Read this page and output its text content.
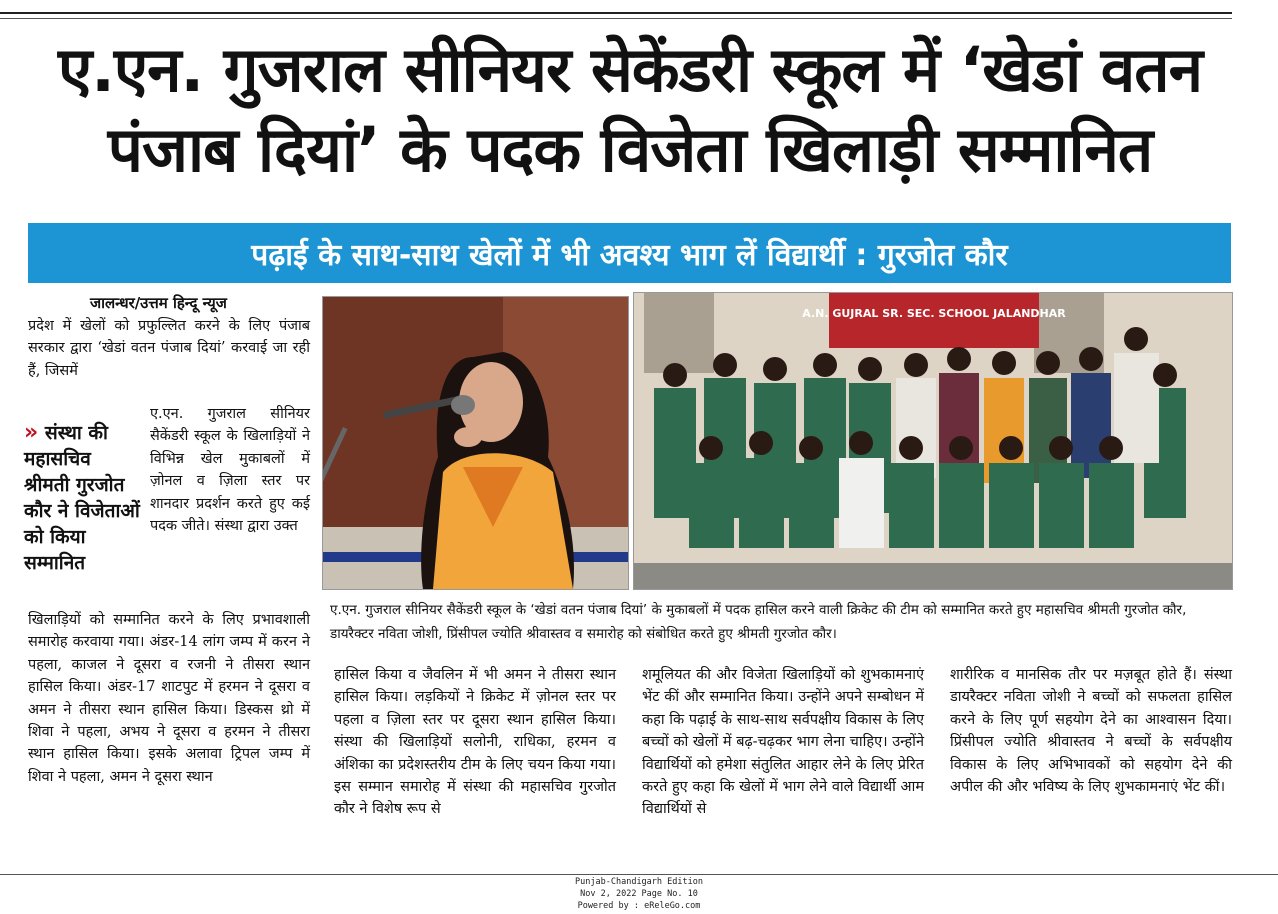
ए.एन. गुजराल सीनियर सेकेंडरी स्कूल में ‘खेडां वतन पंजाब दियां’ के पदक विजेता खिलाड़ी सम्मानित
पढ़ाई के साथ-साथ खेलों में भी अवश्य भाग लें विद्यार्थी : गुरजोत कौर
जालन्धर/उत्तम हिन्दू न्यूज
प्रदेश में खेलों को प्रफुल्लित करने के लिए पंजाब सरकार द्वारा ‘खेडां वतन पंजाब दियां’ करवाई जा रही हैं, जिसमें
» संस्था की महासचिव श्रीमती गुरजोत कौर ने विजेताओं को किया सम्मानित
ए.एन. गुजराल सीनियर सैकेंडरी स्कूल के खिलाड़ियों ने विभिन्न खेल मुकाबलों में ज़ोनल व ज़िला स्तर पर शानदार प्रदर्शन करते हुए कई पदक जीते। संस्था द्वारा उक्त
खिलाड़ियों को सम्मानित करने के लिए प्रभावशाली समारोह करवाया गया। अंडर-14 लांग जम्प में करन ने पहला, काजल ने दूसरा व रजनी ने तीसरा स्थान हासिल किया। अंडर-17 शाटपुट में हरमन ने दूसरा व अमन ने तीसरा स्थान हासिल किया। डिस्कस थ्रो में शिवा ने पहला, अभय ने दूसरा व हरमन ने तीसरा स्थान हासिल किया। इसके अलावा ट्रिपल जम्प में शिवा ने पहला, अमन ने दूसरा स्थान
A.N. GUJRAL SR. SEC. SCHOOL JALANDHAR
ए.एन. गुजराल सीनियर सैकेंडरी स्कूल के ‘खेडां वतन पंजाब दियां’ के मुकाबलों में पदक हासिल करने वाली क्रिकेट की टीम को सम्मानित करते हुए महासचिव श्रीमती गुरजोत कौर, डायरैक्टर नविता जोशी, प्रिंसीपल ज्योति श्रीवास्तव व समारोह को संबोधित करते हुए श्रीमती गुरजोत कौर।
हासिल किया व जैवलिन में भी अमन ने तीसरा स्थान हासिल किया। लड़कियों ने क्रिकेट में ज़ोनल स्तर पर पहला व ज़िला स्तर पर दूसरा स्थान हासिल किया। संस्था की खिलाड़ियों सलोनी, राधिका, हरमन व अंशिका का प्रदेशस्तरीय टीम के लिए चयन किया गया। इस सम्मान समारोह में संस्था की महासचिव गुरजोत कौर ने विशेष रूप से
शमूलियत की और विजेता खिलाड़ियों को शुभकामनाएं भेंट कीं और सम्मानित किया। उन्होंने अपने सम्बोधन में कहा कि पढ़ाई के साथ-साथ सर्वपक्षीय विकास के लिए बच्चों को खेलों में बढ़-चढ़कर भाग लेना चाहिए। उन्होंने विद्यार्थियों को हमेशा संतुलित आहार लेने के लिए प्रेरित करते हुए कहा कि खेलों में भाग लेने वाले विद्यार्थी आम विद्यार्थियों से
शारीरिक व मानसिक तौर पर मज़बूत होते हैं। संस्था डायरैक्टर नविता जोशी ने बच्चों को सफलता हासिल करने के लिए पूर्ण सहयोग देने का आश्वासन दिया। प्रिंसीपल ज्योति श्रीवास्तव ने बच्चों के सर्वपक्षीय विकास के लिए अभिभावकों को सहयोग देने की अपील की और भविष्य के लिए शुभकामनाएं भेंट कीं।
Punjab-Chandigarh Edition
Nov 2, 2022 Page No. 10
Powered by : eReleGo.com
